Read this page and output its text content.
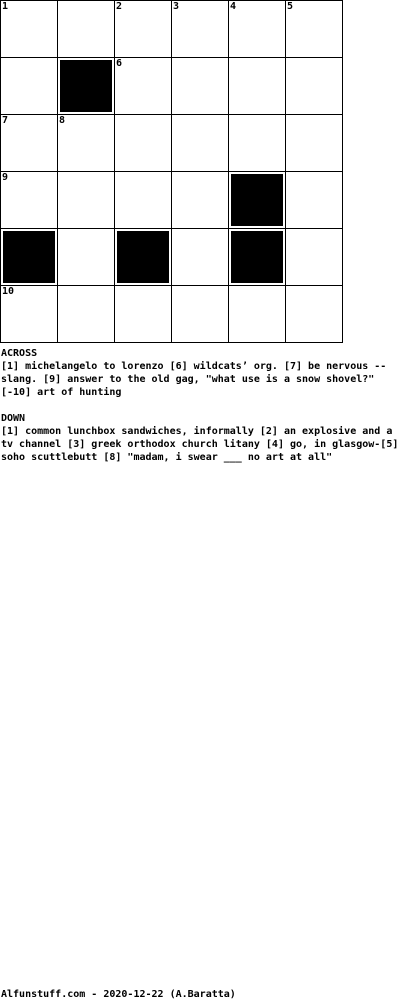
1	2	3	4	5
6
7	8
9
10
ACROSS
[1] michelangelo to lorenzo [6] wildcats’ org. [7] be nervous -- slang. [9] answer to the old gag, "what use is a snow shovel?" [-10] art of hunting
DOWN
[1] common lunchbox sandwiches, informally [2] an explosive and a tv channel [3] greek orthodox church litany [4] go, in glasgow-[5] soho scuttlebutt [8] "madam, i swear ___ no art at all"
Alfunstuff.com - 2020-12-22 (A.Baratta)
